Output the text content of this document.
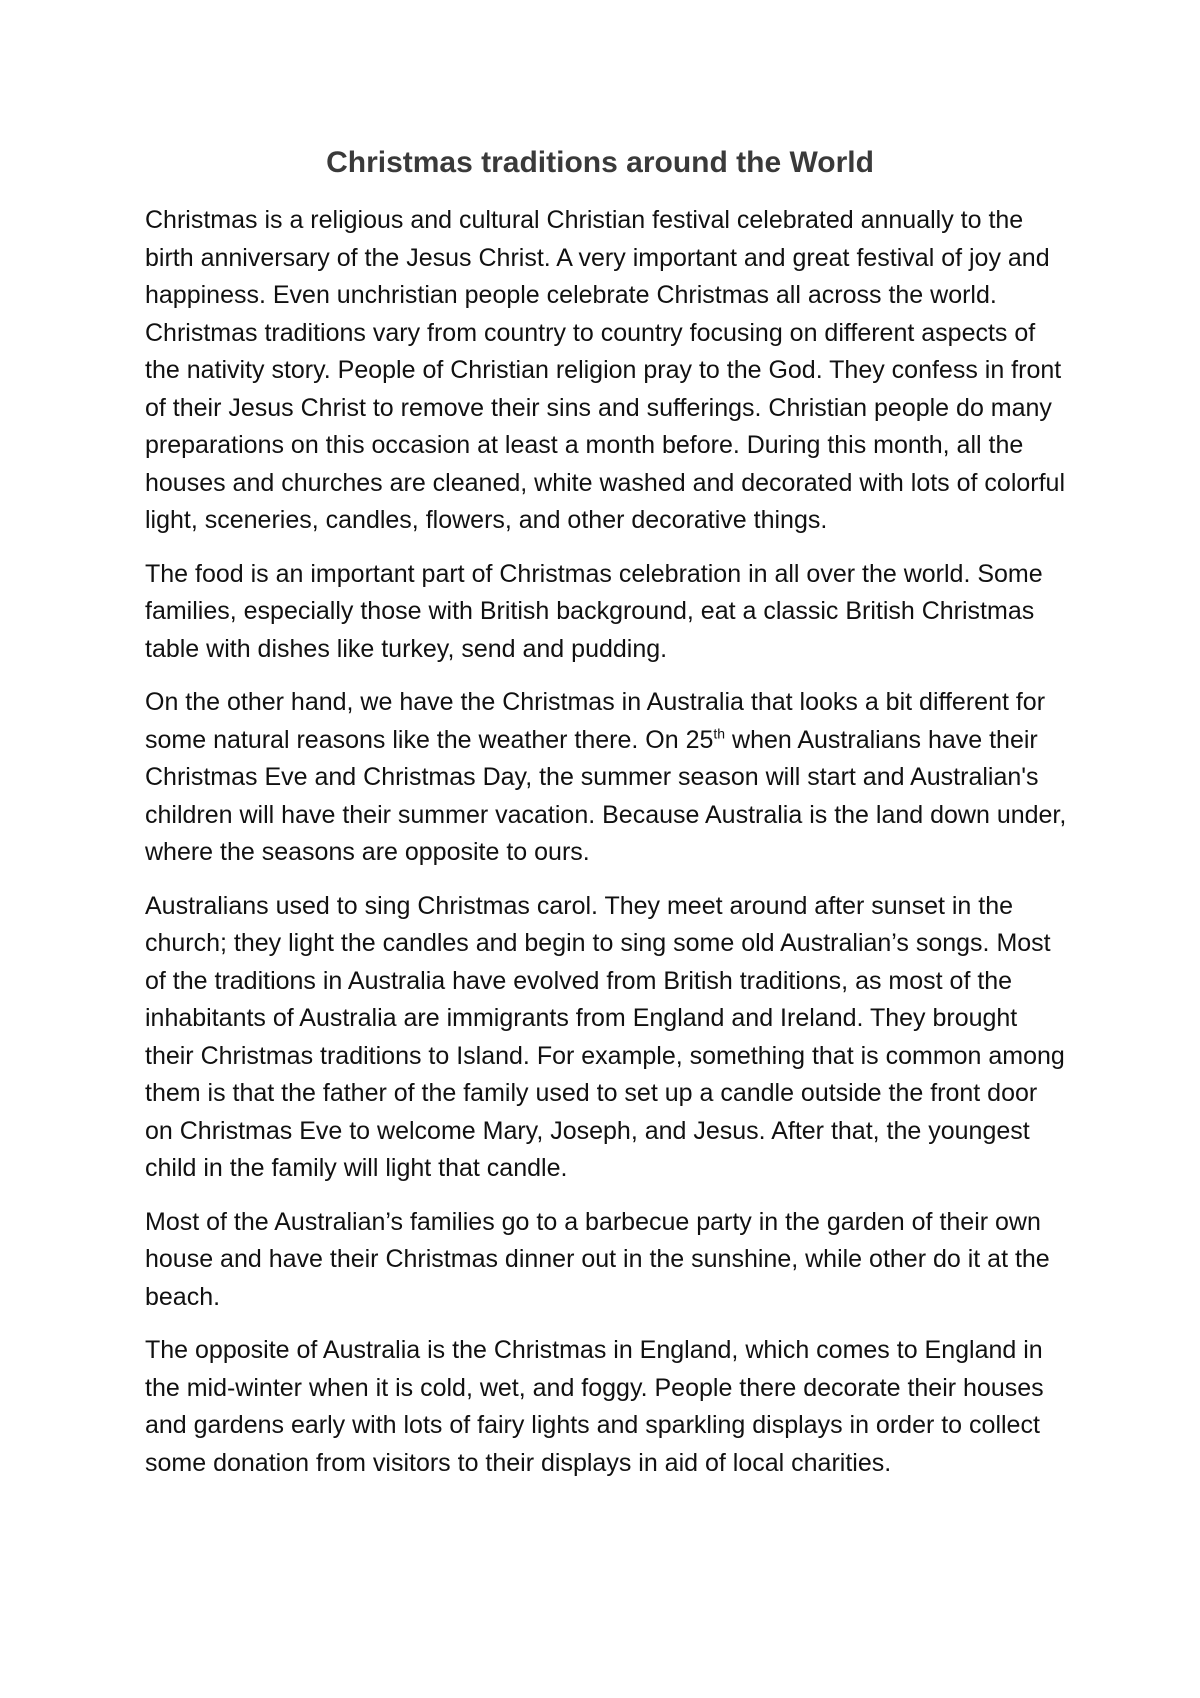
Christmas traditions around the World

Christmas is a religious and cultural Christian festival celebrated annually to the birth anniversary of the Jesus Christ. A very important and great festival of joy and happiness. Even unchristian people celebrate Christmas all across the world. Christmas traditions vary from country to country focusing on different aspects of the nativity story. People of Christian religion pray to the God. They confess in front of their Jesus Christ to remove their sins and sufferings. Christian people do many preparations on this occasion at least a month before. During this month, all the houses and churches are cleaned, white washed and decorated with lots of colorful light, sceneries, candles, flowers, and other decorative things.

The food is an important part of Christmas celebration in all over the world. Some families, especially those with British background, eat a classic British Christmas table with dishes like turkey, send and pudding.

On the other hand, we have the Christmas in Australia that looks a bit different for some natural reasons like the weather there. On 25th when Australians have their Christmas Eve and Christmas Day, the summer season will start and Australian's children will have their summer vacation. Because Australia is the land down under, where the seasons are opposite to ours.

Australians used to sing Christmas carol. They meet around after sunset in the church; they light the candles and begin to sing some old Australian’s songs. Most of the traditions in Australia have evolved from British traditions, as most of the inhabitants of Australia are immigrants from England and Ireland. They brought their Christmas traditions to Island. For example, something that is common among them is that the father of the family used to set up a candle outside the front door on Christmas Eve to welcome Mary, Joseph, and Jesus. After that, the youngest child in the family will light that candle.

Most of the Australian’s families go to a barbecue party in the garden of their own house and have their Christmas dinner out in the sunshine, while other do it at the beach.

The opposite of Australia is the Christmas in England, which comes to England in the mid-winter when it is cold, wet, and foggy. People there decorate their houses and gardens early with lots of fairy lights and sparkling displays in order to collect some donation from visitors to their displays in aid of local charities.
